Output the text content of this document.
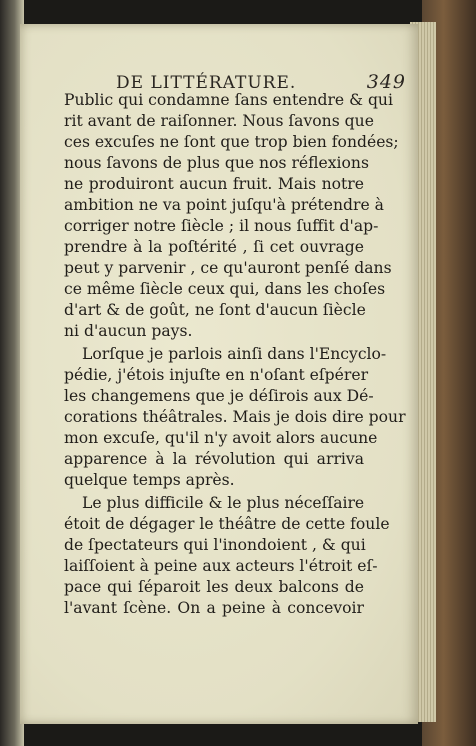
DE LITTÉRATURE.	349
Public qui condamne ſans entendre & qui
rit avant de raiſonner. Nous ſavons que
ces excuſes ne ſont que trop bien fondées;
nous ſavons de plus que nos réflexions
ne produiront aucun fruit. Mais notre
ambition ne va point juſqu'à prétendre à
corriger notre ſiècle ; il nous ſuffit d'ap-
prendre à la poſtérité , ſi cet ouvrage
peut y parvenir , ce qu'auront penſé dans
ce même ſiècle ceux qui, dans les choſes
d'art & de goût, ne ſont d'aucun ſiècle
ni d'aucun pays.
Lorſque je parlois ainſi dans l'Encyclo-
pédie, j'étois injuſte en n'oſant eſpérer
les changemens que je déſirois aux Dé-
corations théâtrales. Mais je dois dire pour
mon excuſe, qu'il n'y avoit alors aucune
apparence à la révolution qui arriva
quelque temps après.
Le plus difficile & le plus néceſſaire
étoit de dégager le théâtre de cette foule
de ſpectateurs qui l'inondoient , & qui
laiſſoient à peine aux acteurs l'étroit eſ-
pace qui ſéparoit les deux balcons de
l'avant ſcène. On a peine à concevoir
